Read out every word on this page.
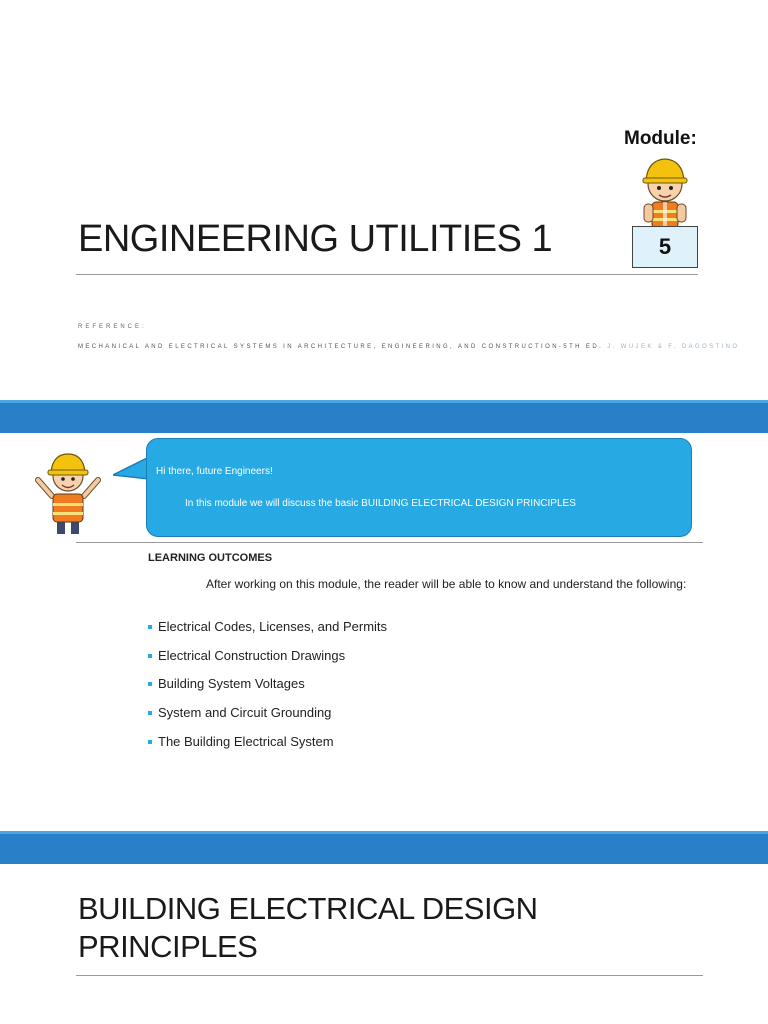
Module:
5
ENGINEERING UTILITIES 1
REFERENCE:
MECHANICAL AND ELECTRICAL SYSTEMS IN ARCHITECTURE, ENGINEERING, AND CONSTRUCTION-5TH ED. J. WUJEK & F. DAGOSTINO
Hi there, future Engineers!
In this module we will discuss the basic BUILDING ELECTRICAL DESIGN PRINCIPLES
LEARNING OUTCOMES
After working on this module, the reader will be able to know and understand the following:
Electrical Codes, Licenses, and Permits
Electrical Construction Drawings
Building System Voltages
System and Circuit Grounding
The Building Electrical System
BUILDING ELECTRICAL DESIGN PRINCIPLES
